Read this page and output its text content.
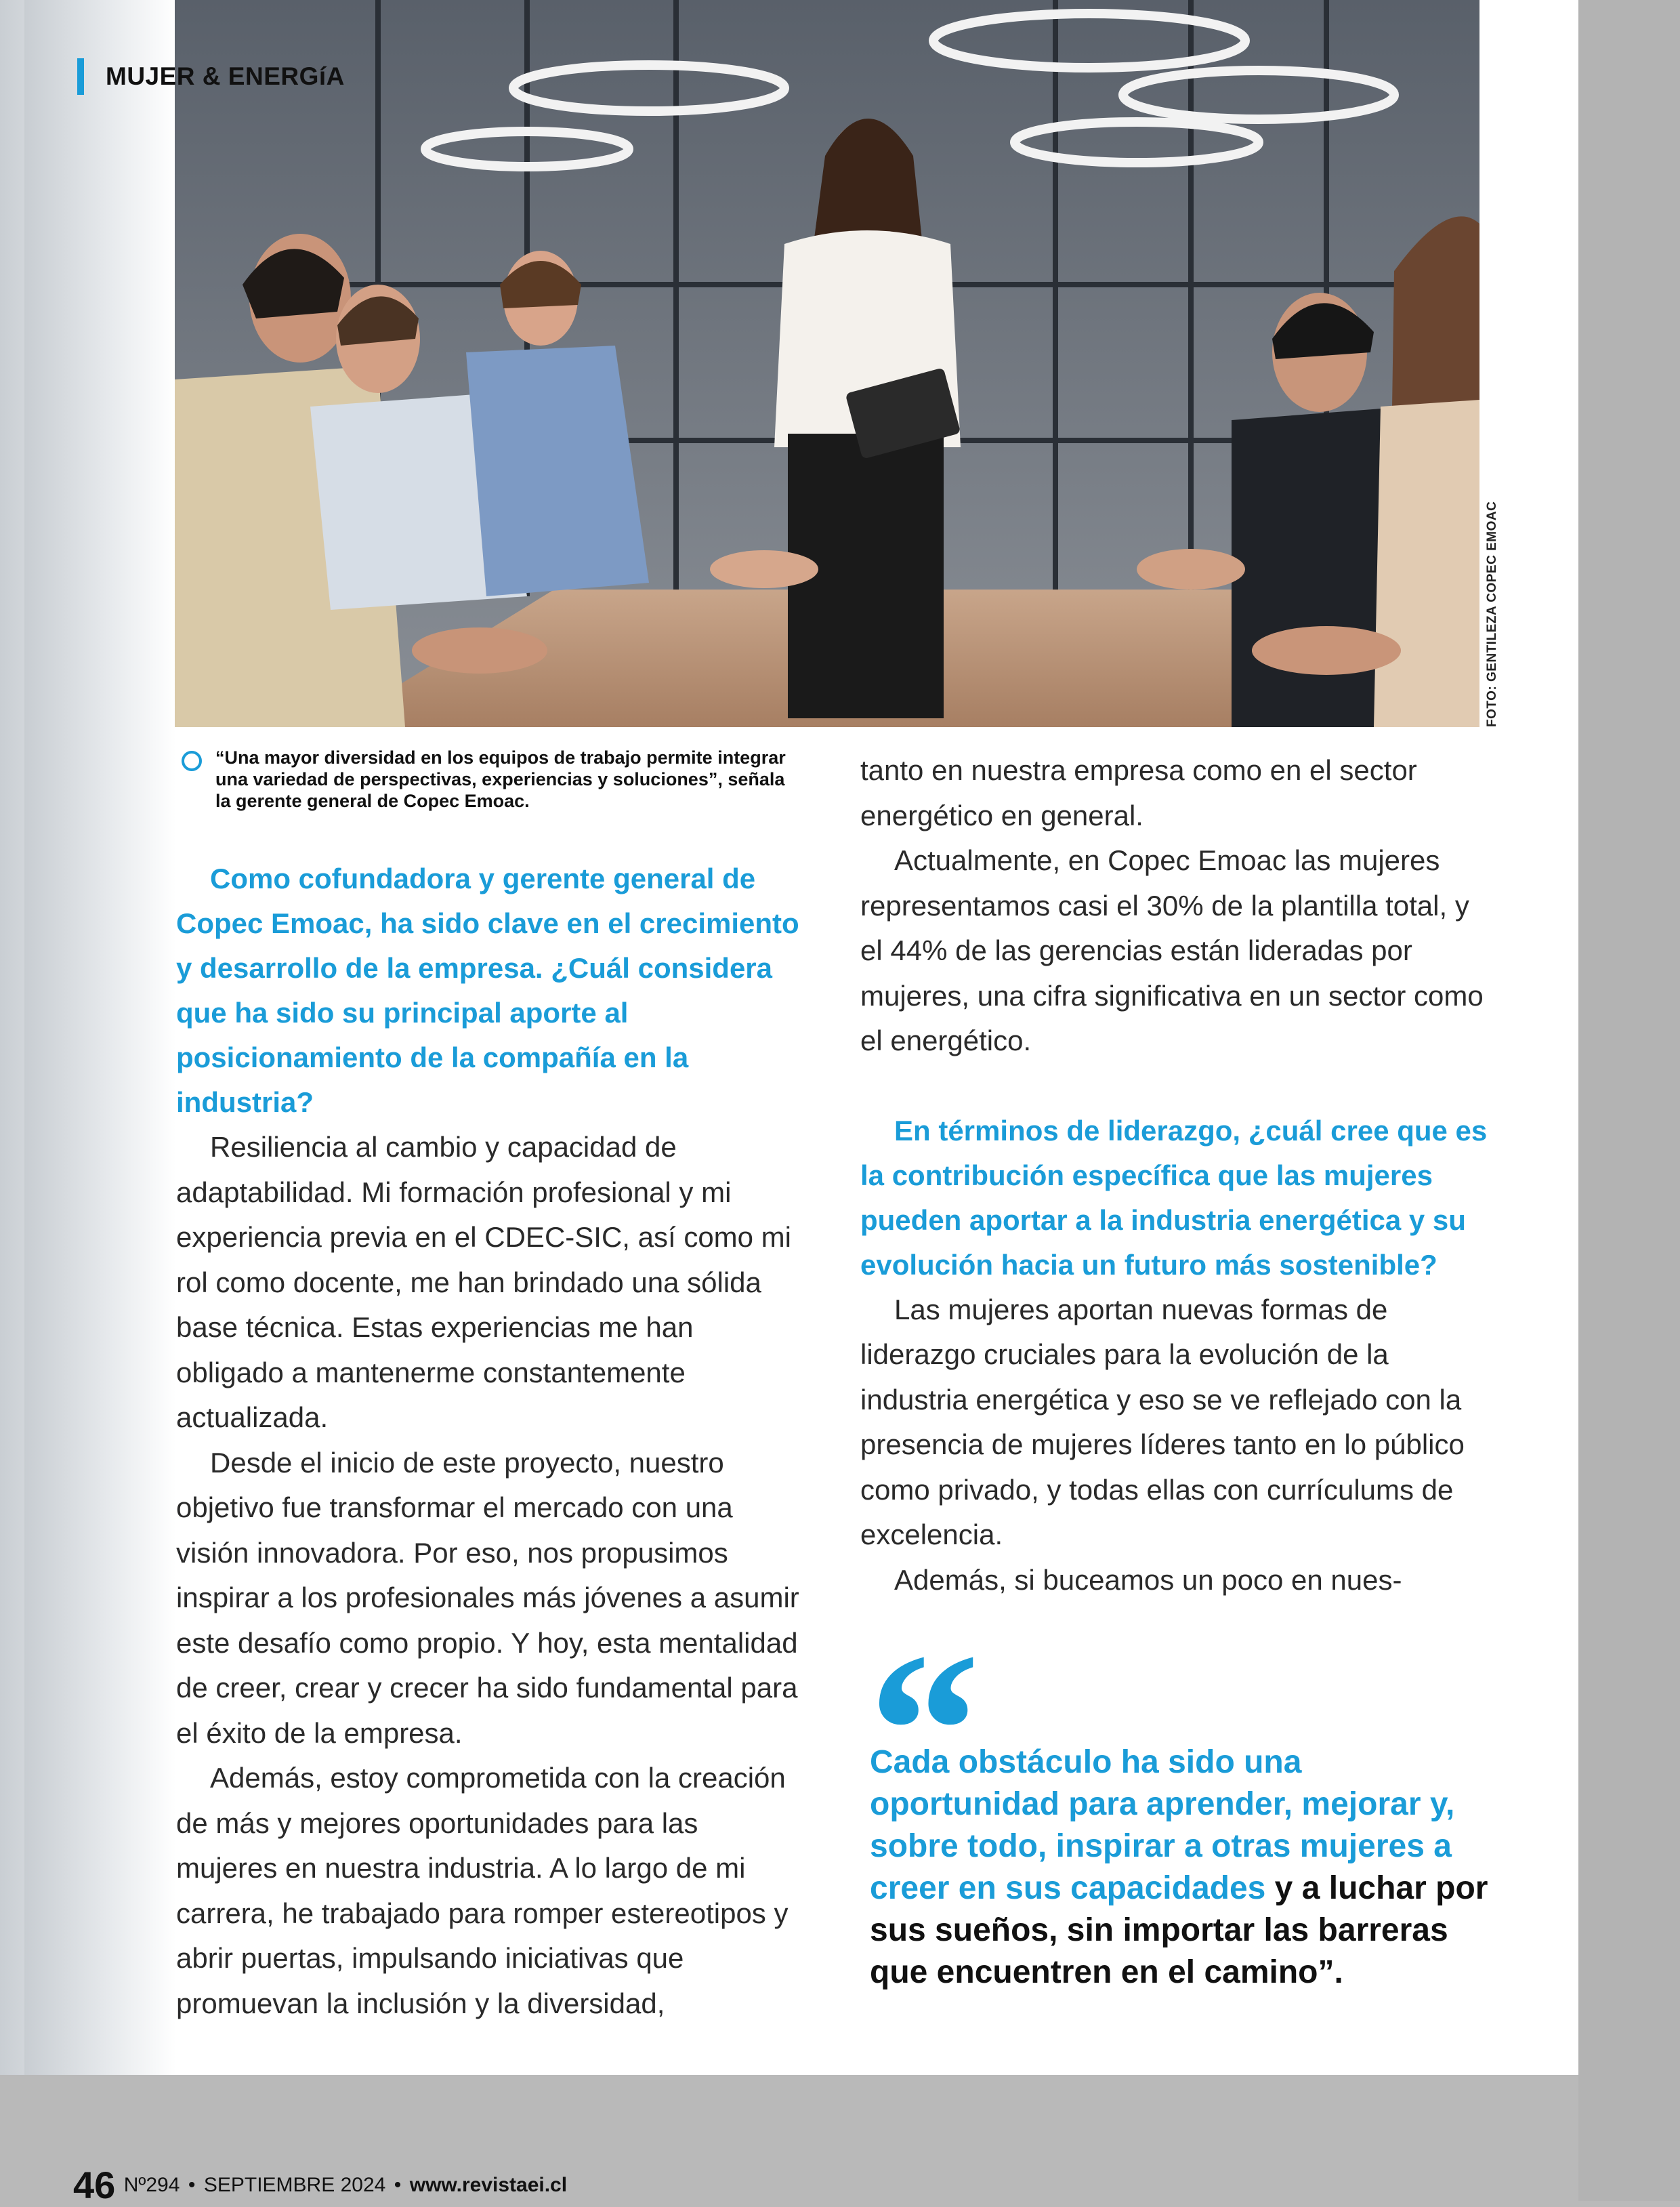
MUJER & ENERGíA
FOTO: GENTILEZA COPEC EMOAC
“Una mayor diversidad en los equipos de trabajo permite integrar una variedad de perspectivas, experiencias y soluciones”, señala la gerente general de Copec Emoac.

Como cofundadora y gerente general de Copec Emoac, ha sido clave en el crecimiento y desarrollo de la empresa. ¿Cuál considera que ha sido su principal aporte al posicionamiento de la compañía en la industria?

Resiliencia al cambio y capacidad de adaptabilidad. Mi formación profesional y mi experiencia previa en el CDEC-SIC, así como mi rol como docente, me han brindado una sólida base técnica. Estas experiencias me han obligado a mantenerme constantemente actualizada.

Desde el inicio de este proyecto, nuestro objetivo fue transformar el mercado con una visión innovadora. Por eso, nos propusimos inspirar a los profesionales más jóvenes a asumir este desafío como propio. Y hoy, esta mentalidad de creer, crear y crecer ha sido fundamental para el éxito de la empresa.

Además, estoy comprometida con la creación de más y mejores oportunidades para las mujeres en nuestra industria. A lo largo de mi carrera, he trabajado para romper estereotipos y abrir puertas, impulsando iniciativas que promuevan la inclusión y la diversidad,

tanto en nuestra empresa como en el sector energético en general.

Actualmente, en Copec Emoac las mujeres representamos casi el 30% de la plantilla total, y el 44% de las gerencias están lideradas por mujeres, una cifra significativa en un sector como el energético.

En términos de liderazgo, ¿cuál cree que es la contribución específica que las mujeres pueden aportar a la industria energética y su evolución hacia un futuro más sostenible?

Las mujeres aportan nuevas formas de liderazgo cruciales para la evolución de la industria energética y eso se ve reflejado con la presencia de mujeres líderes tanto en lo público como privado, y todas ellas con currículums de excelencia.

Además, si buceamos un poco en nues-

“
Cada obstáculo ha sido una oportunidad para aprender, mejorar y, sobre todo, inspirar a otras mujeres a creer en sus capacidades y a luchar por sus sueños, sin importar las barreras que encuentren en el camino”.
46 Nº294 • SEPTIEMBRE 2024 • www.revistaei.cl
